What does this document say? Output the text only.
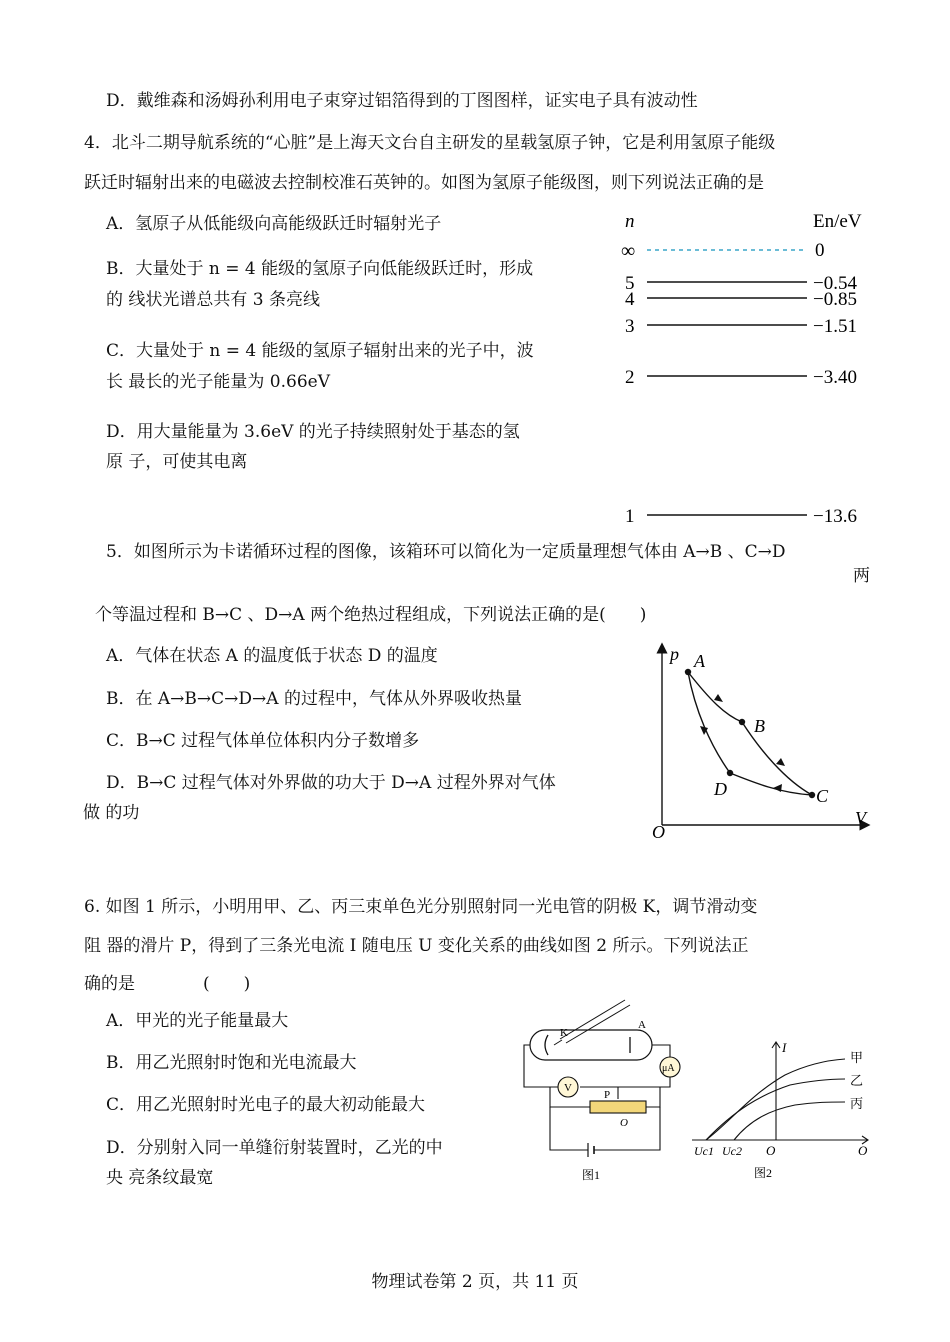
D．戴维森和汤姆孙利用电子束穿过铝箔得到的丁图图样，证实电子具有波动性
4．北斗二期导航系统的“心脏”是上海天文台自主研发的星载氢原子钟，它是利用氢原子能级
跃迁时辐射出来的电磁波去控制校准石英钟的。如图为氢原子能级图，则下列说法正确的是
A．氢原子从低能级向高能级跃迁时辐射光子
B．大量处于 n = 4 能级的氢原子向低能级跃迁时，形成
的 线状光谱总共有 3 条亮线
C．大量处于 n = 4 能级的氢原子辐射出来的光子中，波
长 最长的光子能量为 0.66eV
D．用大量能量为 3.6eV 的光子持续照射处于基态的氢
原 子，可使其电离
n	En/eV
∞	0
5	−0.54
4	−0.85
3	−1.51
2	−3.40
1	−13.6
5．如图所示为卡诺循环过程的图像，该箱环可以简化为一定质量理想气体由 A→B 、C→D
两
个等温过程和 B→C 、D→A 两个绝热过程组成，下列说法正确的是(　　)
A．气体在状态 A 的温度低于状态 D 的温度
B．在 A→B→C→D→A 的过程中，气体从外界吸收热量
C．B→C 过程气体单位体积内分子数增多
D．B→C 过程气体对外界做的功大于 D→A 过程外界对气体
做 的功
p
V
O
A
B
C
D
6. 如图 1 所示，小明用甲、乙、丙三束单色光分别照射同一光电管的阴极 K，调节滑动变
阻 器的滑片 P，得到了三条光电流 I 随电压 U 变化关系的曲线如图 2 所示。下列说法正
确的是　　　　(　　)
A．甲光的光子能量最大
B．用乙光照射时饱和光电流最大
C．用乙光照射时光电子的最大初动能最大
D．分别射入同一单缝衍射装置时，乙光的中
央 亮条纹最宽
K
A
μA
V
P
O
图1
I
O	O
Uc1 Uc2
甲
乙
丙
图2
物理试卷第 2 页，共 11 页
